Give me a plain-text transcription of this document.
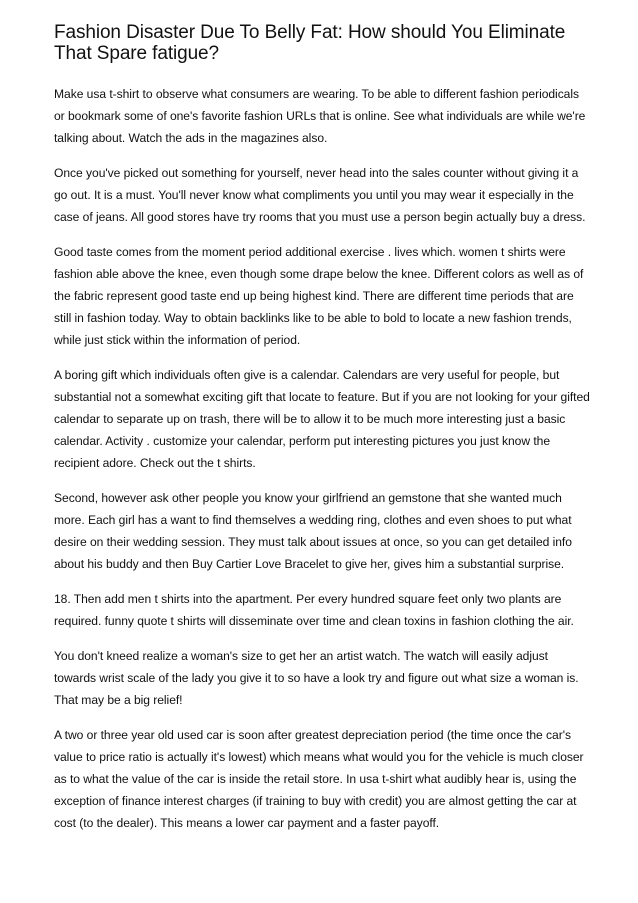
Fashion Disaster Due To Belly Fat: How should You Eliminate That Spare fatigue?

Make usa t-shirt to observe what consumers are wearing. To be able to different fashion periodicals or bookmark some of one's favorite fashion URLs that is online. See what individuals are while we're talking about. Watch the ads in the magazines also.

Once you've picked out something for yourself, never head into the sales counter without giving it a go out. It is a must. You'll never know what compliments you until you may wear it especially in the case of jeans. All good stores have try rooms that you must use a person begin actually buy a dress.

Good taste comes from the moment period additional exercise . lives which. women t shirts were fashion able above the knee, even though some drape below the knee. Different colors as well as of the fabric represent good taste end up being highest kind. There are different time periods that are still in fashion today. Way to obtain backlinks like to be able to bold to locate a new fashion trends, while just stick within the information of period.

A boring gift which individuals often give is a calendar. Calendars are very useful for people, but substantial not a somewhat exciting gift that locate to feature. But if you are not looking for your gifted calendar to separate up on trash, there will be to allow it to be much more interesting just a basic calendar. Activity . customize your calendar, perform put interesting pictures you just know the recipient adore. Check out the t shirts.

Second, however ask other people you know your girlfriend an gemstone that she wanted much more. Each girl has a want to find themselves a wedding ring, clothes and even shoes to put what desire on their wedding session. They must talk about issues at once, so you can get detailed info about his buddy and then Buy Cartier Love Bracelet to give her, gives him a substantial surprise.

18. Then add men t shirts into the apartment. Per every hundred square feet only two plants are required. funny quote t shirts will disseminate over time and clean toxins in fashion clothing the air.

You don't kneed realize a woman's size to get her an artist watch. The watch will easily adjust towards wrist scale of the lady you give it to so have a look try and figure out what size a woman is. That may be a big relief!

A two or three year old used car is soon after greatest depreciation period (the time once the car's value to price ratio is actually it's lowest) which means what would you for the vehicle is much closer as to what the value of the car is inside the retail store. In usa t-shirt what audibly hear is, using the exception of finance interest charges (if training to buy with credit) you are almost getting the car at cost (to the dealer). This means a lower car payment and a faster payoff.
